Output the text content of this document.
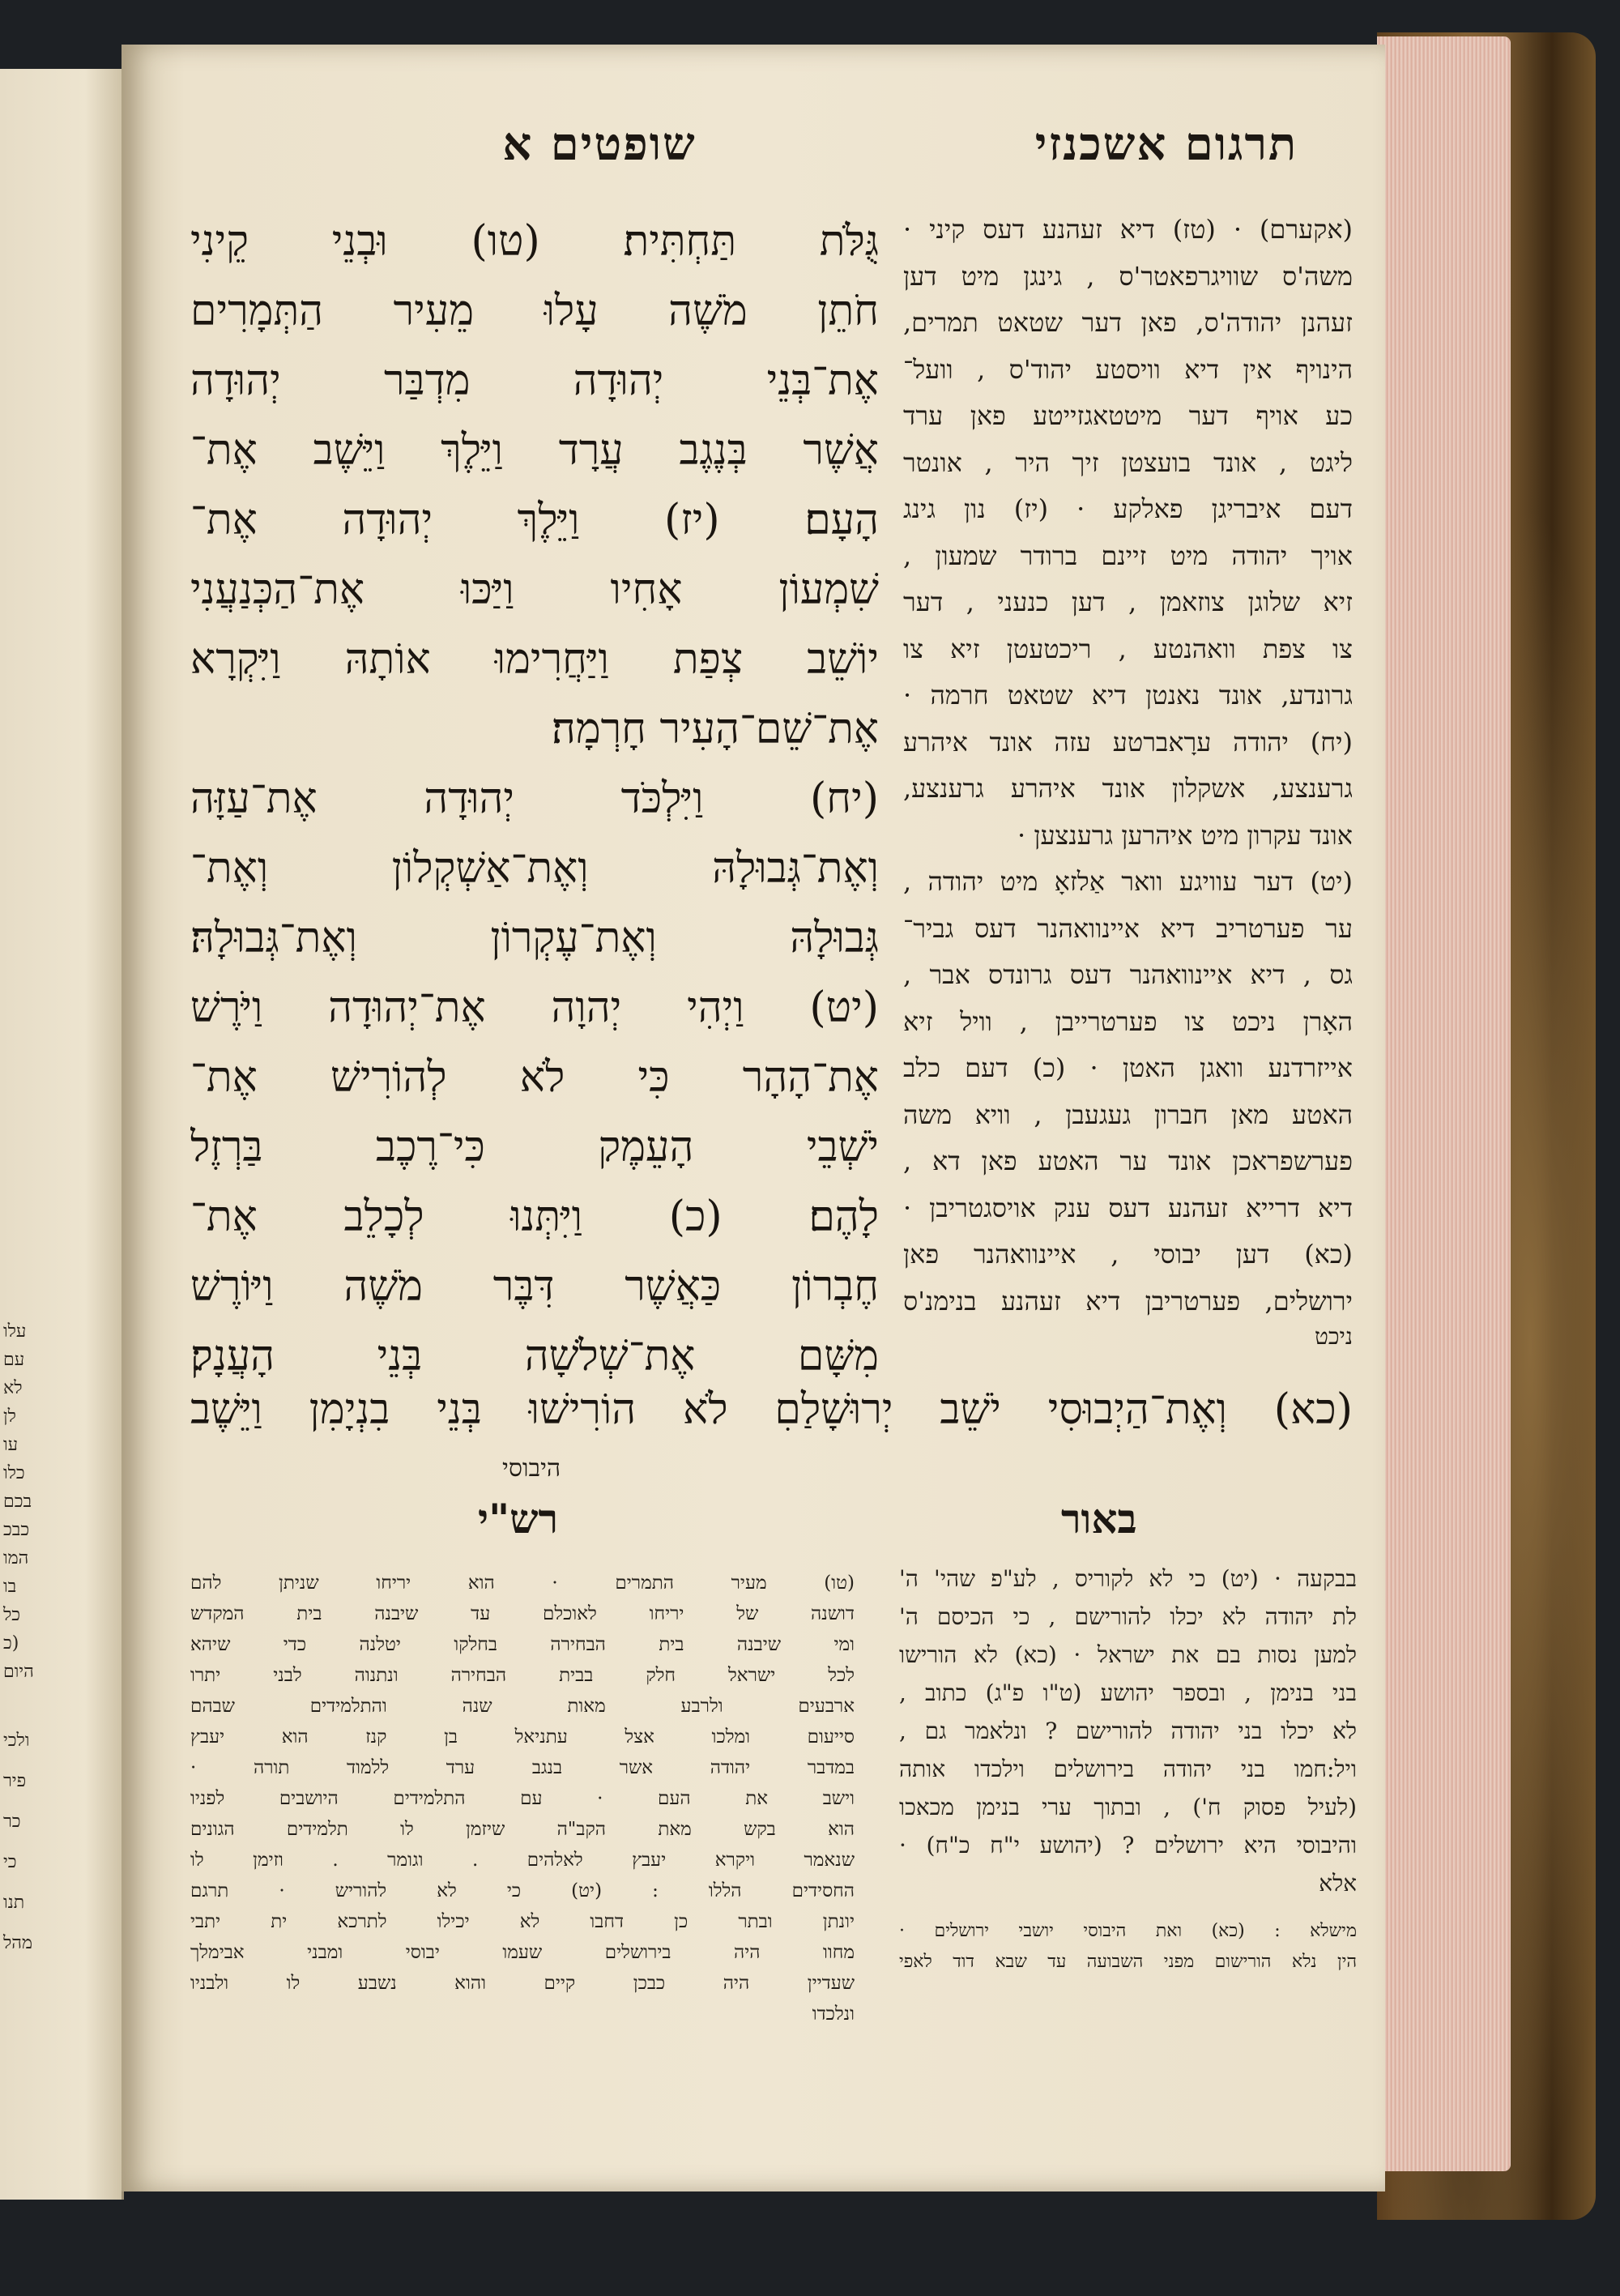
עלו
עם
לא
לן
עו
כלו
בכם
כבכ
המו
בו
כל
(כ
היום
ולכי
פיר
כר
כי
תנו
מהל
תרגום אשכנזי
שופטים א
גֻּלֹּת תַּחְתִּית׃ (טו) וּבְנֵי קֵינִי
חֹתֵן מֹשֶׁה עָלוּ מֵעִיר הַתְּמָרִים
אֶת־בְּנֵי יְהוּדָה מִדְבַּר יְהוּדָה
אֲשֶׁר בְּנֶגֶב עֲרָד וַיֵּלֶךְ וַיֵּשֶׁב אֶת־
הָעָם׃ (יז) וַיֵּלֶךְ יְהוּדָה אֶת־
שִׁמְעוֹן אָחִיו וַיַּכּוּ אֶת־הַכְּנַעֲנִי
יוֹשֵׁב צְפַת וַיַּחֲרִימוּ אוֹתָהּ וַיִּקְרָא
אֶת־שֵׁם־הָעִיר חָרְמָה׃
(יח) וַיִּלְכֹּד יְהוּדָה אֶת־עַזָּה
וְאֶת־גְּבוּלָהּ וְאֶת־אַשְׁקְלוֹן וְאֶת־
גְּבוּלָהּ וְאֶת־עֶקְרוֹן וְאֶת־גְּבוּלָהּ׃
(יט) וַיְהִי יְהוָה אֶת־יְהוּדָה וַיֹּרֶשׁ
אֶת־הָהָר כִּי לֹא לְהוֹרִישׁ אֶת־
יֹשְׁבֵי הָעֵמֶק כִּי־רֶכֶב בַּרְזֶל
לָהֶם׃ (כ) וַיִּתְּנוּ לְכָלֵב אֶת־
חֶבְרוֹן כַּאֲשֶׁר דִּבֶּר מֹשֶׁה וַיּוֹרֶשׁ
מִשָּׁם אֶת־שְׁלֹשָׁה בְּנֵי הָעֲנָק׃
(אקערם) · (טז) דיא זעהנע דעס קיני ·
משה'ס שוויגרפאטר'ס , גינגן מיט דען
זעהנן יהודה'ס, פאן דער שטאט תמרים,
הינויף אין דיא וויסטע יהוד'ס , וועל־
כע אויף דער מיטטאגזייטע פאן ערד
ליגט , אונד בועצטן זיך היר , אונטר
דעם איבריגן פאלקע · (יז) נון גינג
אויך יהודה מיט זיינם ברודר שמעון ,
זיא שלוגן צוזאמן , דען כנעני , דער
צו צפת וואהנטע , ריכטעטן זיא צו
גרונדע, אונד נאנטן דיא שטאט חרמה ·
(יח) יהודה ערָאברטע עזה אונד איהרע
גרענצע, אשקלון אונד איהרע גרענצע,
אונד עקרון מיט איהרען גרענצען ·
(יט) דער עוויגע וואר אַלזאָ מיט יהודה ,
ער פערטריב דיא איינוואהנר דעס גביר־
גס , דיא איינוואהנר דעס גרונדס אבר ,
האָרן ניכט צו פערטרייבן , וויל זיא
אייזרדנע וואגן האטן · (כ) דעם כלב
האטע מאן חברון געגעבן , וויא משה
פערשפראכן אונד ער האטע פאן דא ,
דיא דרייא זעהנע דעס ענק אויסגטריבן ·
(כא) דען יבוסי , איינוואהנר פאן
ירושלים, פערטריבן דיא זעהנע בנימנ'ס
ניכט
(כא) וְאֶת־הַיְבוּסִי יֹשֵׁב יְרוּשָׁלַםִ לֹא הוֹרִישׁוּ בְּנֵי בִנְיָמִן וַיֵּשֶׁב
היבוסי
רש"י	באור
בבקעה · (יט) כי לא לקוריס , לע"פ שהי' ה'
לת יהודה לא יכלו להורישם , כי הכיסם ה'
למען נסות בם את ישראל · (כא) לא הורישו
בני בנימן , ובספר יהושע (ט"ו פ"ג) כתוב ,
לא יכלו בני יהודה להורישם ? ונלאמר גם ,
ויל:חמו בני יהודה בירושלים וילכדו אותה
(לעיל פסוק ח') , ובתוך ערי בנימן מכאכו
והיבוסי היא ירושלים ? (יהושע י"ח כ"ח) ·
אלא
(טו) מעיר התמרים · הוא יריחו שניתן להם
דושנה של יריחו לאוכלם עד שיבנה בית המקדש
ומי שיבנה בית הבחירה בחלקו יטלנה כדי שיהא
לכל ישראל חלק בבית הבחירה ונתנוה לבני יתרו
ארבעים ולרבע מאות שנה והתלמידים שבהם
סייעום ומלכו אצל עתניאל בן קנז הוא יעבץ
במדבר יהודה אשר בנגב ערד ללמוד תורה ·
וישב את העם · עם התלמידים היושבים לפניו
הוא בקש מאת הקב"ה שיזמן לו תלמידים הגונים
שנאמר ויקרא יעבץ לאלהים . וגומר . וזימן לו
החסידים הללו : (יט) כי לא להוריש · תרגם
יונתן ובתר כן דחבו לא יכילו לתרכא ית יתבי
מחוו היה בירושלים שעמו יבוסי ומבני אבימלך
שעדיין היה כבכן קיים והוא נשבע לו ולבניו
ונלכדו
מישלא : (כא) ואת היבוסי יושבי ירושלים ·
הין נלא הורישום מפני השבועה עד שבא דוד לאפי
